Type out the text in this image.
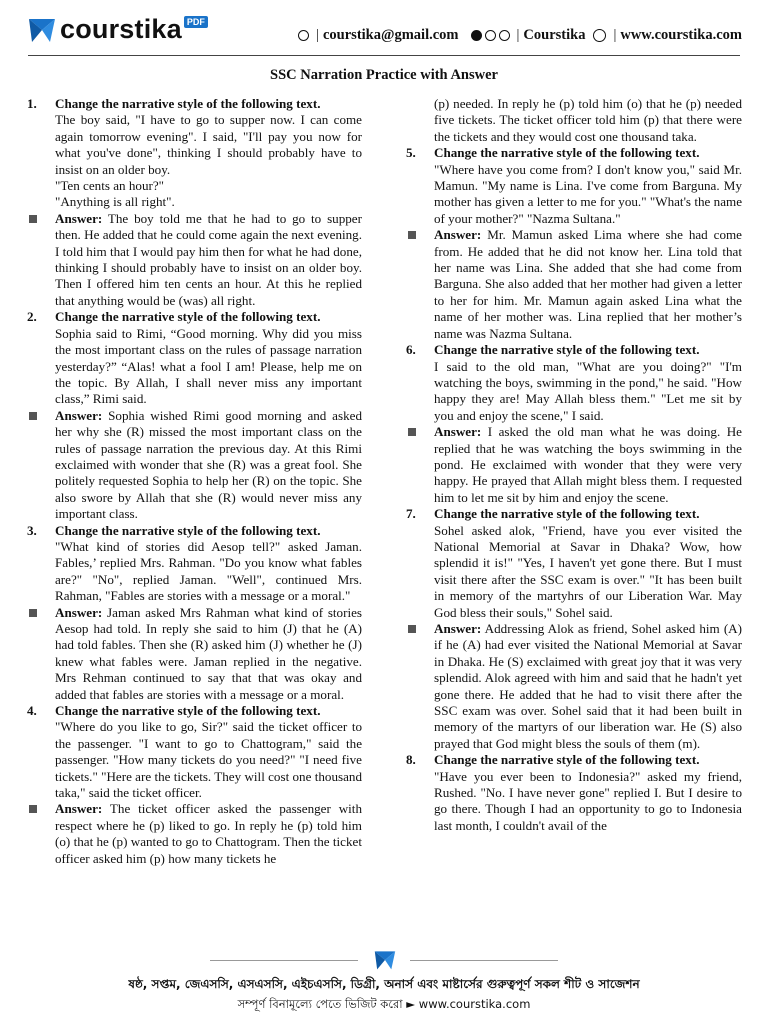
courstika PDF
| courstika@gmail.com	| Courstika | www.courstika.com
SSC Narration Practice with Answer
1.	Change the narrative style of the following text.

The boy said, "I have to go to supper now. I can come again tomorrow evening". I said, "I'll pay you now for what you've done", thinking I should probably have to insist on an older boy.

"Ten cents an hour?"

"Anything is all right".

Answer: The boy told me that he had to go to supper then. He added that he could come again the next evening. I told him that I would pay him then for what he had done, thinking I should probably have to insist on an older boy. Then I offered him ten cents an hour. At this he replied that anything would be (was) all right.

2.	Change the narrative style of the following text.

Sophia said to Rimi, “Good morning. Why did you miss the most important class on the rules of passage narration yesterday?” “Alas! what a fool I am! Please, help me on the topic. By Allah, I shall never miss any important class,” Rimi said.

Answer: Sophia wished Rimi good morning and asked her why she (R) missed the most important class on the rules of passage narration the previous day. At this Rimi exclaimed with wonder that she (R) was a great fool. She politely requested Sophia to help her (R) on the topic. She also swore by Allah that she (R) would never miss any important class.

3.	Change the narrative style of the following text.

"What kind of stories did Aesop tell?" asked Jaman. Fables,’ replied Mrs. Rahman. "Do you know what fables are?" "No", replied Jaman. "Well", continued Mrs. Rahman, "Fables are stories with a message or a moral."

Answer: Jaman asked Mrs Rahman what kind of stories Aesop had told. In reply she said to him (J) that he (A) had told fables. Then she (R) asked him (J) whether he (J) knew what fables were. Jaman replied in the negative. Mrs Rehman continued to say that that was okay and added that fables are stories with a message or a moral.

4.	Change the narrative style of the following text.

"Where do you like to go, Sir?" said the ticket officer to the passenger. "I want to go to Chattogram," said the passenger. "How many tickets do you need?" "I need five tickets." "Here are the tickets. They will cost one thousand taka," said the ticket officer.

Answer: The ticket officer asked the passenger with respect where he (p) liked to go. In reply he (p) told him (o) that he (p) wanted to go to Chattogram. Then the ticket officer asked him (p) how many tickets he

(p) needed. In reply he (p) told him (o) that he (p) needed five tickets. The ticket officer told him (p) that there were the tickets and they would cost one thousand taka.

5.	Change the narrative style of the following text.

"Where have you come from? I don't know you," said Mr. Mamun. "My name is Lina. I've come from Barguna. My mother has given a letter to me for you." "What's the name of your mother?" "Nazma Sultana."

Answer: Mr. Mamun asked Lima where she had come from. He added that he did not know her. Lina told that her name was Lina. She added that she had come from Barguna. She also added that her mother had given a letter to her for him. Mr. Mamun again asked Lina what the name of her mother was. Lina replied that her mother’s name was Nazma Sultana.

6.	Change the narrative style of the following text.

I said to the old man, "What are you doing?" "I'm watching the boys, swimming in the pond," he said. "How happy they are! May Allah bless them." "Let me sit by you and enjoy the scene," I said.

Answer: I asked the old man what he was doing. He replied that he was watching the boys swimming in the pond. He exclaimed with wonder that they were very happy. He prayed that Allah might bless them. I requested him to let me sit by him and enjoy the scene.

7.	Change the narrative style of the following text.

Sohel asked alok, "Friend, have you ever visited the National Memorial at Savar in Dhaka? Wow, how splendid it is!" "Yes, I haven't yet gone there. But I must visit there after the SSC exam is over." "It has been built in memory of the martyhrs of our Liberation War. May God bless their souls," Sohel said.

Answer: Addressing Alok as friend, Sohel asked him (A) if he (A) had ever visited the National Memorial at Savar in Dhaka. He (S) exclaimed with great joy that it was very splendid. Alok agreed with him and said that he hadn't yet gone there. He added that he had to visit there after the SSC exam was over. Sohel said that it had been built in memory of the martyrs of our liberation war. He (S) also prayed that God might bless the souls of them (m).

8.	Change the narrative style of the following text.

"Have you ever been to Indonesia?" asked my friend, Rushed. "No. I have never gone" replied I. But I desire to go there. Though I had an opportunity to go to Indonesia last month, I couldn't avail of the

ষষ্ঠ, সপ্তম, জেএসসি, এসএসসি, এইচএসসি, ডিগ্রী, অনার্স এবং মাষ্টার্সের গুরুত্বপূর্ণ সকল শীট ও সাজেশন
সম্পূর্ণ বিনামূল্যে পেতে ভিজিট করো ► www.courstika.com
